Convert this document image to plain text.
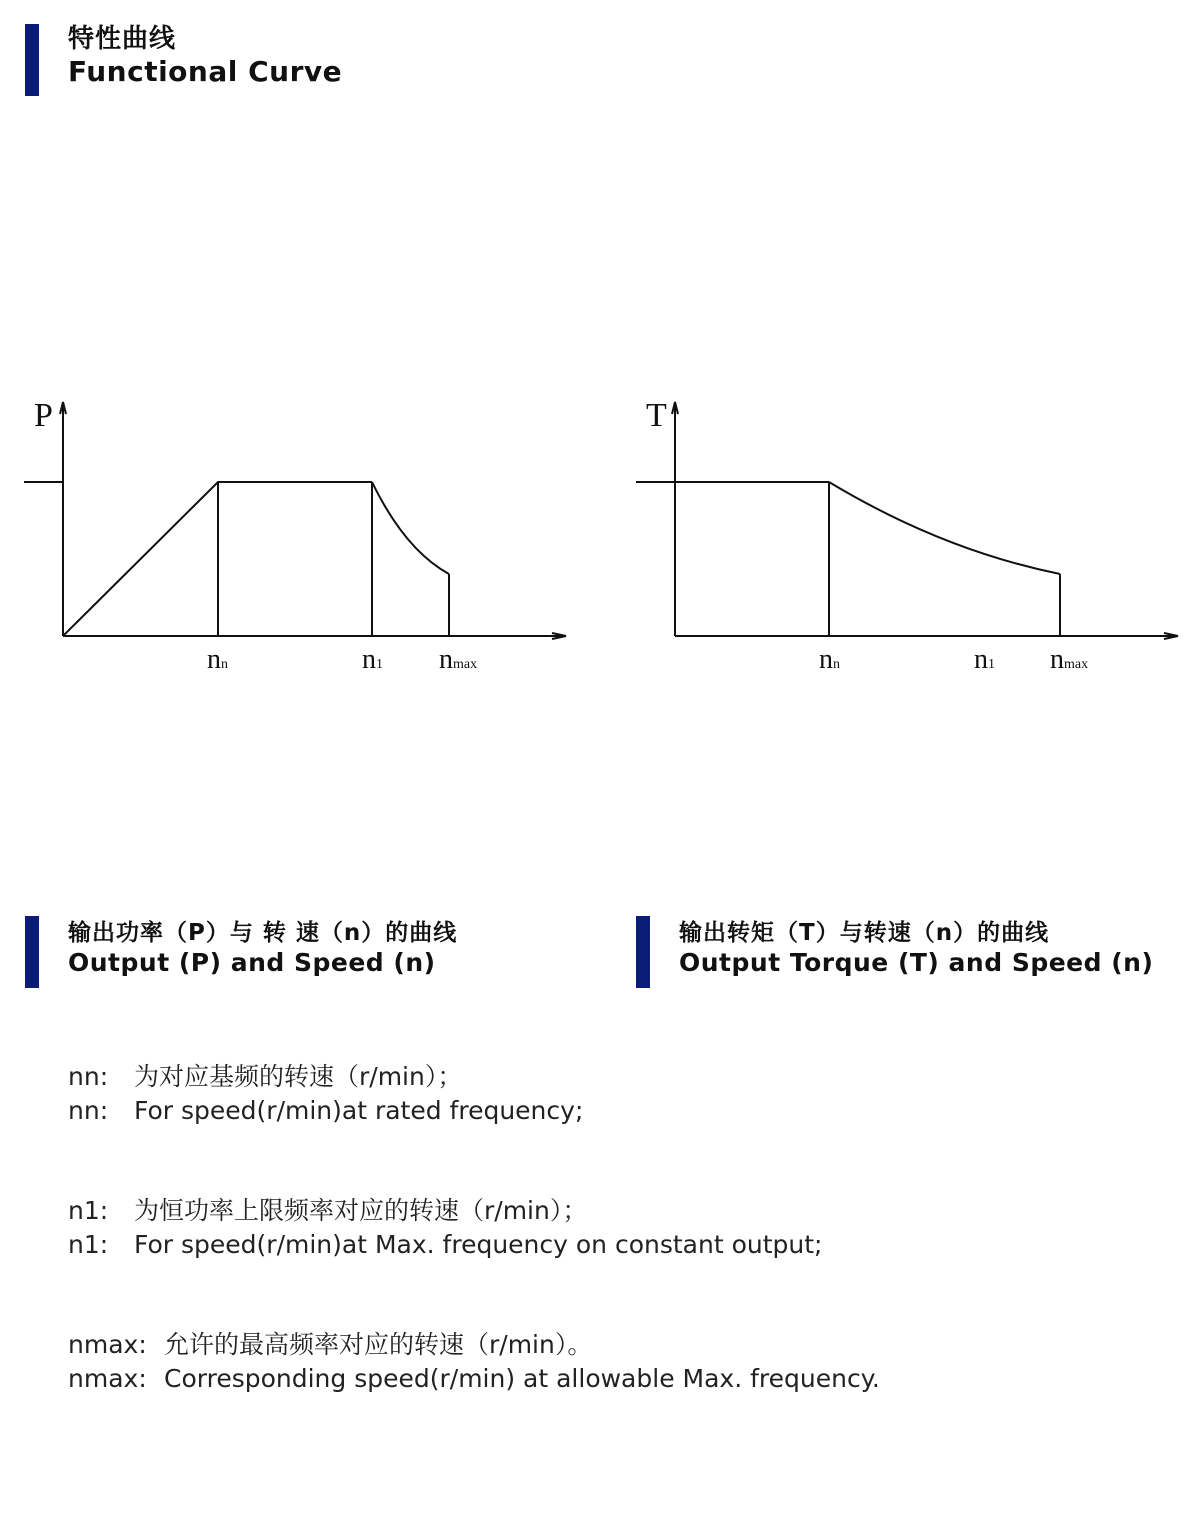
特性曲线
Functional Curve
P
nn	n1 nmax
T
nn	n1 nmax
输出功率（P）与 转 速（n）的曲线
Output (P) and Speed (n)
输出转矩（T）与转速（n）的曲线
Output Torque (T) and Speed (n)

nn: 为对应基频的转速（r/min）；

nn: For speed(r/min)at rated frequency;

n1: 为恒功率上限频率对应的转速（r/min）；

n1: For speed(r/min)at Max. frequency on constant output;

nmax: 允许的最高频率对应的转速（r/min）。

nmax: Corresponding speed(r/min) at allowable Max. frequency.
